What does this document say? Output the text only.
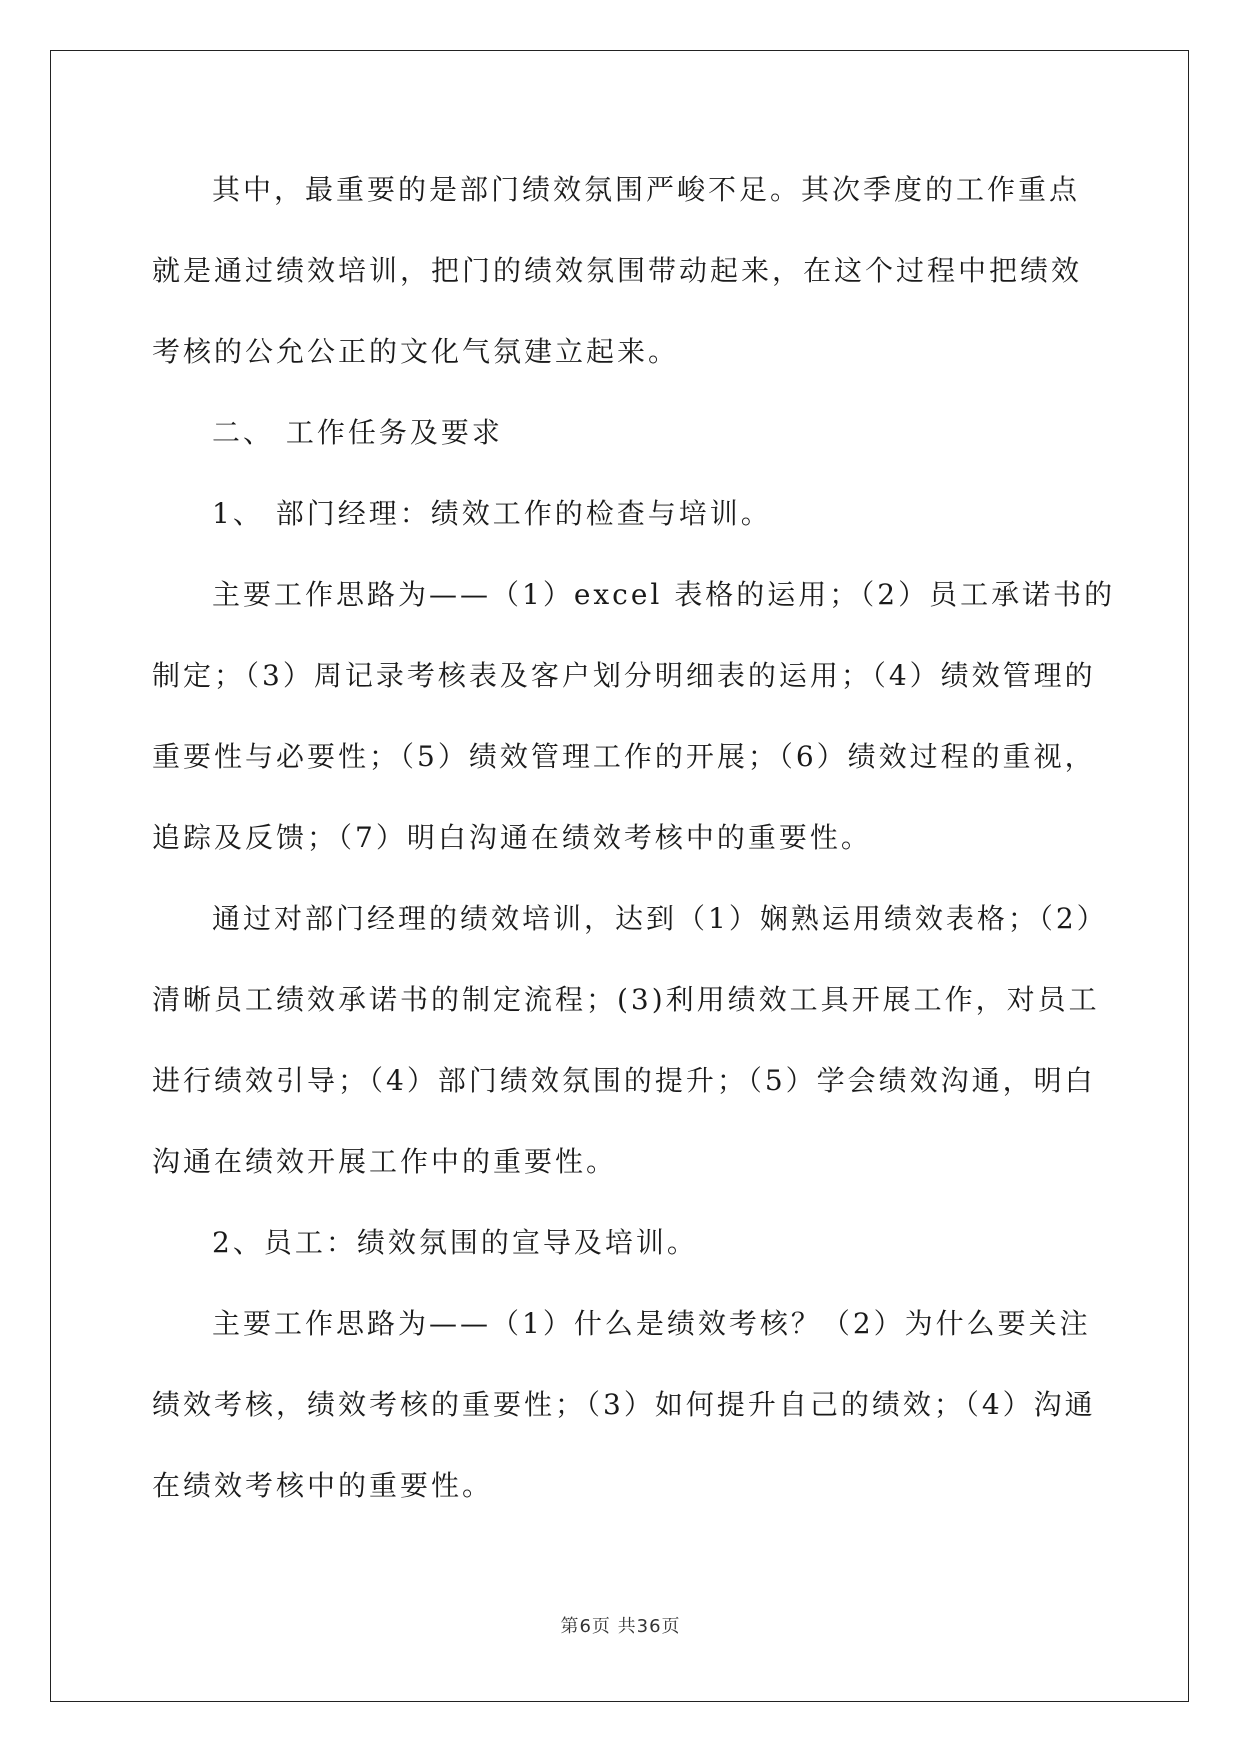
其中，最重要的是部门绩效氛围严峻不足。其次季度的工作重点
就是通过绩效培训，把门的绩效氛围带动起来，在这个过程中把绩效
考核的公允公正的文化气氛建立起来。
二、 工作任务及要求
1、 部门经理：绩效工作的检查与培训。
主要工作思路为——（1）excel 表格的运用；（2）员工承诺书的
制定；（3）周记录考核表及客户划分明细表的运用；（4）绩效管理的
重要性与必要性；（5）绩效管理工作的开展；（6）绩效过程的重视，
追踪及反馈；（7）明白沟通在绩效考核中的重要性。
通过对部门经理的绩效培训，达到（1）娴熟运用绩效表格；（2）
清晰员工绩效承诺书的制定流程；(3)利用绩效工具开展工作，对员工
进行绩效引导；（4）部门绩效氛围的提升；（5）学会绩效沟通，明白
沟通在绩效开展工作中的重要性。
2、员工：绩效氛围的宣导及培训。
主要工作思路为——（1）什么是绩效考核？（2）为什么要关注
绩效考核，绩效考核的重要性；（3）如何提升自己的绩效；（4）沟通
在绩效考核中的重要性。
第6页 共36页
